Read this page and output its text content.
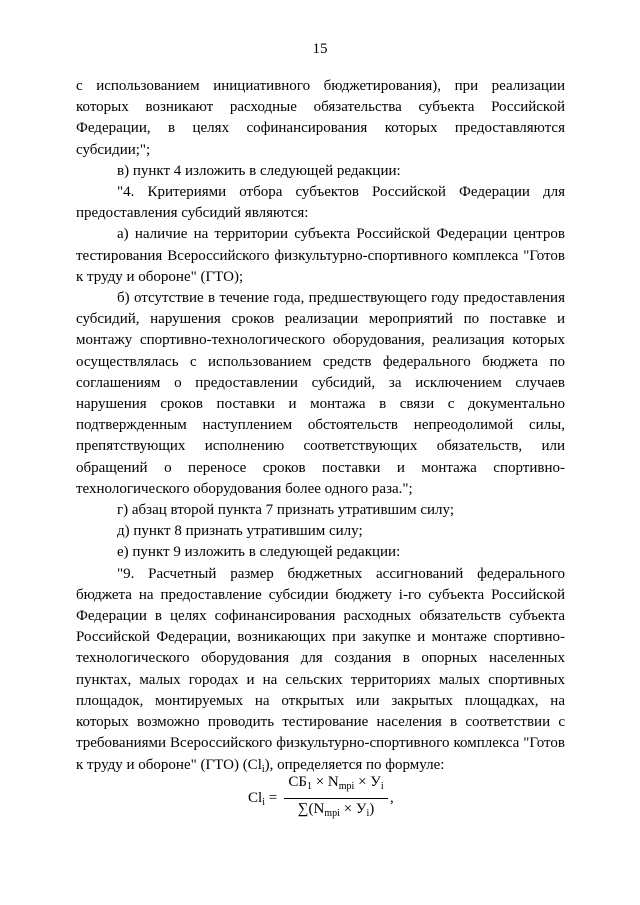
15

с использованием инициативного бюджетирования), при реализации которых возникают расходные обязательства субъекта Российской Федерации, в целях софинансирования которых предоставляются субсидии;";

в) пункт 4 изложить в следующей редакции:

"4. Критериями отбора субъектов Российской Федерации для предоставления субсидий являются:

а) наличие на территории субъекта Российской Федерации центров тестирования Всероссийского физкультурно-спортивного комплекса "Готов к труду и обороне" (ГТО);

б) отсутствие в течение года, предшествующего году предоставления субсидий, нарушения сроков реализации мероприятий по поставке и монтажу спортивно-технологического оборудования, реализация которых осуществлялась с использованием средств федерального бюджета по соглашениям о предоставлении субсидий, за исключением случаев нарушения сроков поставки и монтажа в связи с документально подтвержденным наступлением обстоятельств непреодолимой силы, препятствующих исполнению соответствующих обязательств, или обращений о переносе сроков поставки и монтажа спортивно-технологического оборудования более одного раза.";

г) абзац второй пункта 7 признать утратившим силу;

д) пункт 8 признать утратившим силу;

е) пункт 9 изложить в следующей редакции:

"9. Расчетный размер бюджетных ассигнований федерального бюджета на предоставление субсидии бюджету i-го субъекта Российской Федерации в целях софинансирования расходных обязательств субъекта Российской Федерации, возникающих при закупке и монтаже спортивно-технологического оборудования для создания в опорных населенных пунктах, малых городах и на сельских территориях малых спортивных площадок, монтируемых на открытых или закрытых площадках, на которых возможно проводить тестирование населения в соответствии с требованиями Всероссийского физкультурно-спортивного комплекса "Готов к труду и обороне" (ГТО) $(Cl_i)$, определяется по формуле:

$Cl_i$ =
$СБ_1 \times N_{mpi} \times У_i$
$\sum(N_{mpi} \times У_i)$
,
